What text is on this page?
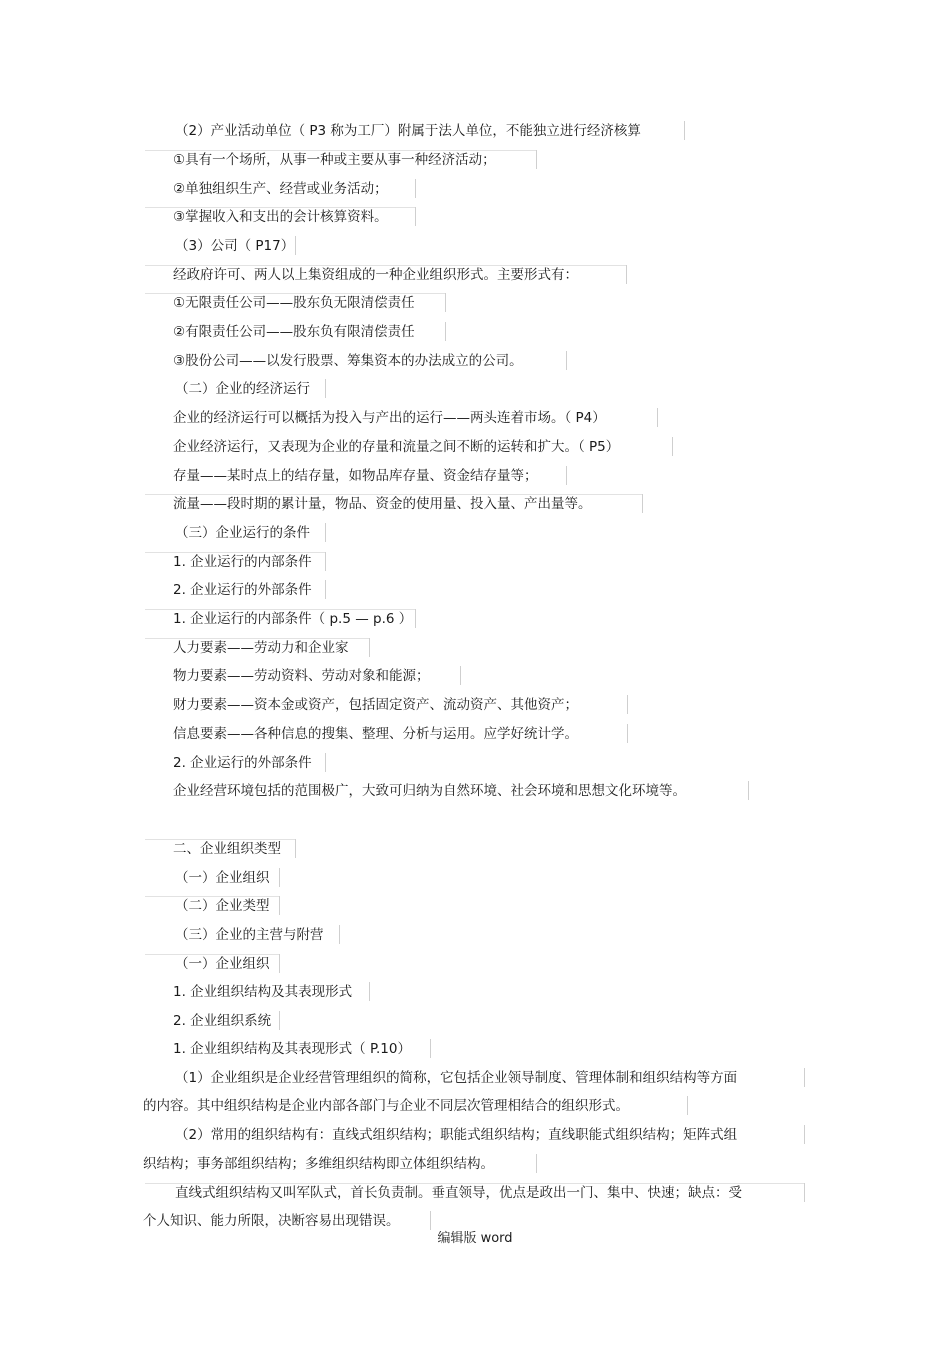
（2）产业活动单位（ P3 称为工厂）附属于法人单位，不能独立进行经济核算
①具有一个场所，从事一种或主要从事一种经济活动；
②单独组织生产、经营或业务活动；
③掌握收入和支出的会计核算资料。
（3）公司（ P17）
经政府许可、两人以上集资组成的一种企业组织形式。主要形式有：
①无限责任公司——股东负无限清偿责任
②有限责任公司——股东负有限清偿责任
③股份公司——以发行股票、筹集资本的办法成立的公司。
（二）企业的经济运行
企业的经济运行可以概括为投入与产出的运行——两头连着市场。（ P4）
企业经济运行，又表现为企业的存量和流量之间不断的运转和扩大。（ P5）
存量——某时点上的结存量，如物品库存量、资金结存量等；
流量——段时期的累计量，物品、资金的使用量、投入量、产出量等。
（三）企业运行的条件
1. 企业运行的内部条件
2. 企业运行的外部条件
1. 企业运行的内部条件（ p.5 — p.6 ）
人力要素——劳动力和企业家
物力要素——劳动资料、劳动对象和能源；
财力要素——资本金或资产，包括固定资产、流动资产、其他资产；
信息要素——各种信息的搜集、整理、分析与运用。应学好统计学。
2. 企业运行的外部条件
企业经营环境包括的范围极广，大致可归纳为自然环境、社会环境和思想文化环境等。
二、企业组织类型
（一）企业组织
（二）企业类型
（三）企业的主营与附营
（一）企业组织
1. 企业组织结构及其表现形式
2. 企业组织系统
1. 企业组织结构及其表现形式（ P.10）
（1）企业组织是企业经营管理组织的简称，它包括企业领导制度、管理体制和组织结构等方面
的内容。其中组织结构是企业内部各部门与企业不同层次管理相结合的组织形式。
（2）常用的组织结构有：直线式组织结构；职能式组织结构；直线职能式组织结构；矩阵式组
织结构；事务部组织结构；多维组织结构即立体组织结构。
直线式组织结构又叫军队式，首长负责制。垂直领导，优点是政出一门、集中、快速；缺点：受
个人知识、能力所限，决断容易出现错误。
编辑版 word
